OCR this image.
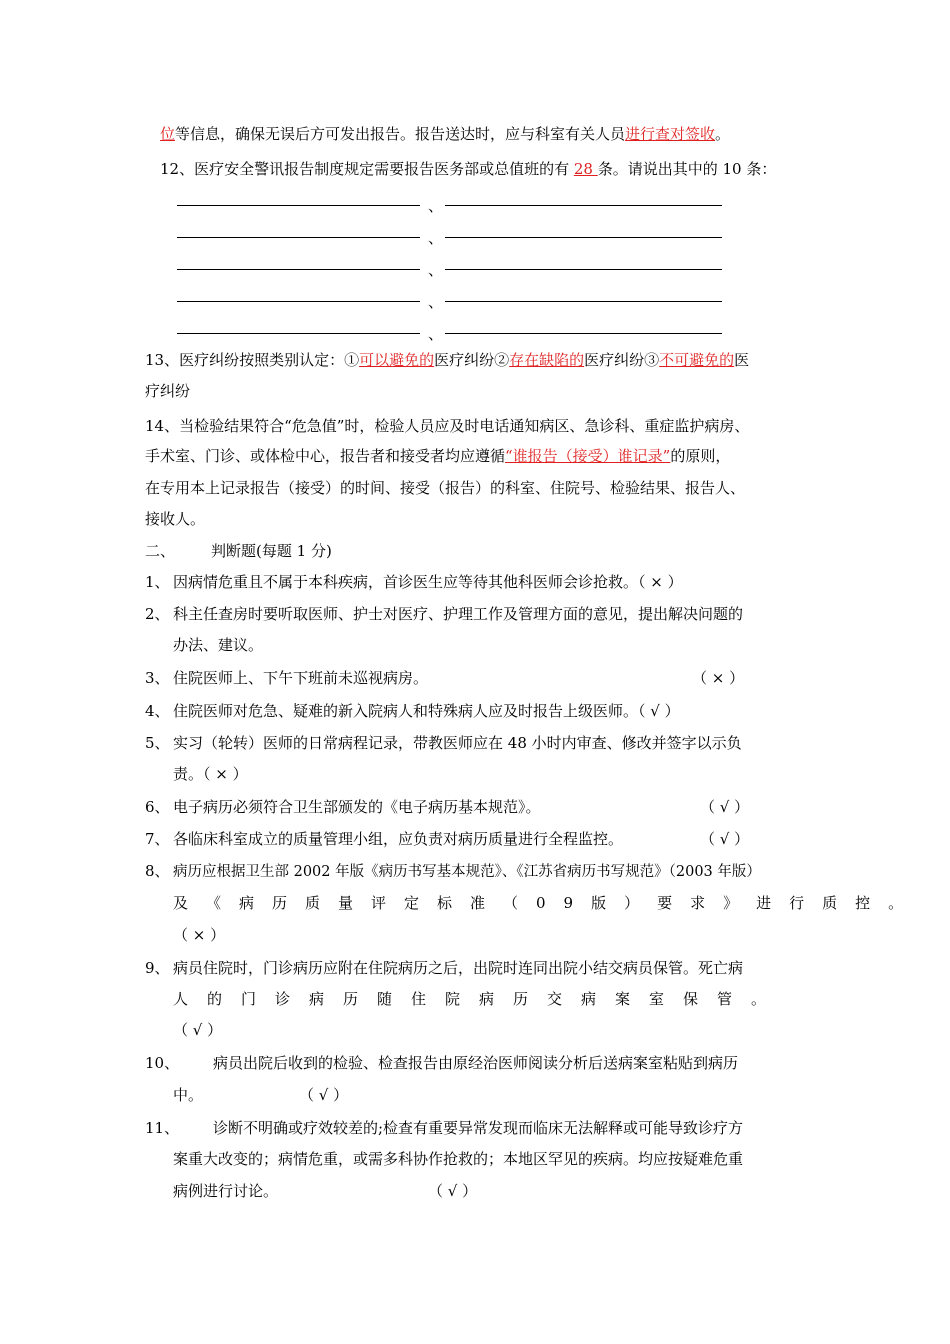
位等信息，确保无误后方可发出报告。报告送达时，应与科室有关人员进行查对签收。
12、医疗安全警讯报告制度规定需要报告医务部或总值班的有 28 条。请说出其中的 10 条：
、
、
、
、
、
13、医疗纠纷按照类别认定：①可以避免的医疗纠纷②存在缺陷的医疗纠纷③不可避免的医
疗纠纷
14、当检验结果符合“危急值”时，检验人员应及时电话通知病区、急诊科、重症监护病房、
手术室、门诊、或体检中心，报告者和接受者均应遵循“谁报告（接受）谁记录”的原则，
在专用本上记录报告（接受）的时间、接受（报告）的科室、住院号、检验结果、报告人、
接收人。
二、 判断题(每题 1 分)
1、 因病情危重且不属于本科疾病，首诊医生应等待其他科医师会诊抢救。（ × ）
2、 科主任查房时要听取医师、护士对医疗、护理工作及管理方面的意见，提出解决问题的
办法、建议。
3、 住院医师上、下午下班前未巡视病房。	（ × ）
4、 住院医师对危急、疑难的新入院病人和特殊病人应及时报告上级医师。（ √ ）
5、 实习（轮转）医师的日常病程记录，带教医师应在 48 小时内审查、修改并签字以示负
责。（ × ）
6、 电子病历必须符合卫生部颁发的《电子病历基本规范》。	（ √ ）
7、 各临床科室成立的质量管理小组，应负责对病历质量进行全程监控。	（ √ ）
8、 病历应根据卫生部 2002 年版《病历书写基本规范》、《江苏省病历书写规范》（2003 年版）
及《病历质量评定标准（09版）要求》进行质控。
（ × ）
9、 病员住院时，门诊病历应附在住院病历之后，出院时连同出院小结交病员保管。死亡病
人的门诊病历随住院病历交病案室保管。
（ √ ）
10、 病员出院后收到的检验、检查报告由原经治医师阅读分析后送病案室粘贴到病历
中。	（ √ ）
11、 诊断不明确或疗效较差的;检查有重要异常发现而临床无法解释或可能导致诊疗方
案重大改变的；病情危重，或需多科协作抢救的；本地区罕见的疾病。均应按疑难危重
病例进行讨论。	（ √ ）
